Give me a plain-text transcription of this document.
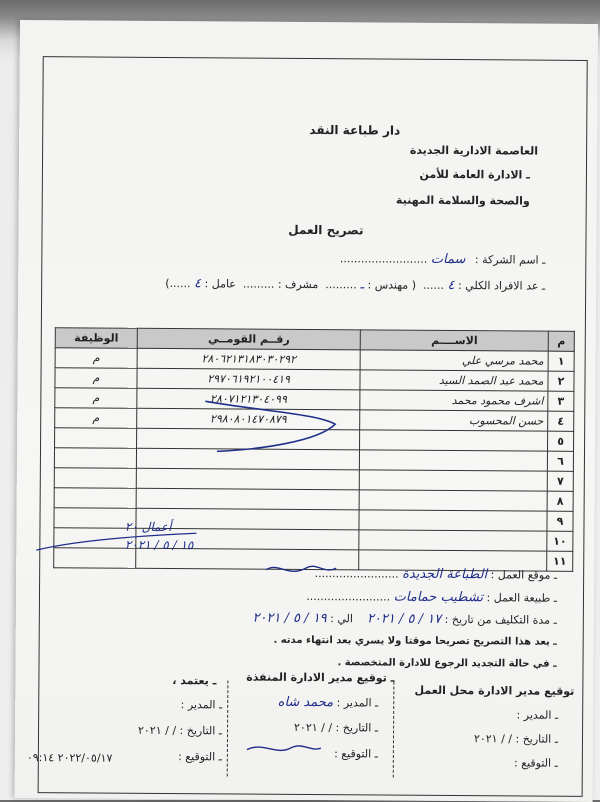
دار طباعة النقد
العاصمة الادارية الجديدة
ـ الادارة العامة للأمن
والصحة والسلامة المهنية
تصريح العمل
ـ اسم الشركة : سمات .........................
ـ عد الافراد الكلي : ٤ ......  ( مهندس : ـ .........  مشرف : .........  عامل : ٤ ......)
م	الاســــم	رقــم القومــي	الوظيفة
١	محمد مرسي علي	٢٨٠٦٢١٣١٨٣٠٣٠٢٩٢	م
٢	محمد عبد الصمد السيد	٢٩٧٠٦١٩٢١٠٠٤١٩	م
٣	اشرف محمود محمد	٢٨٠٧١٢١٣٠٤٠٩٩	م
٤	حسن المحسوب	٢٩٨٠٨٠١٤٧٠٨٧٩	م
٥			
٦			
٧			
٨			
٩			
١٠			
١١			
أعمال ٢٠
١٥ / ٥ / ٢٠٢١
ـ موقع العمل : الطباعة الجديدة ........................
ـ طبيعة العمل : تشطيب حمامات ........................
ـ مدة التكليف من تاريخ : ١٧ / ٥ / ٢٠٢١    الي : ١٩ / ٥ / ٢٠٢١
ـ يعد هذا التصريح تصريحا موقتا ولا يسري بعد انتهاء مدته .
ـ في حالة التجديد الرجوع للادارة المتخصصة .
توقيع مدير الادارة محل العمل
ـ المدير :
ـ التاريخ : / / ٢٠٢١
ـ التوقيع :
ـ توقيع مدير الادارة المنفذة
ـ المدير : محمد شاه
ـ التاريخ : / / ٢٠٢١
ـ التوقيع :
ـ يعتمد ،
ـ المدير :
ـ التاريخ : / / ٢٠٢١
ـ التوقيع :
٢٠٢٢/٠٥/١٧ ٠٩:١٤
